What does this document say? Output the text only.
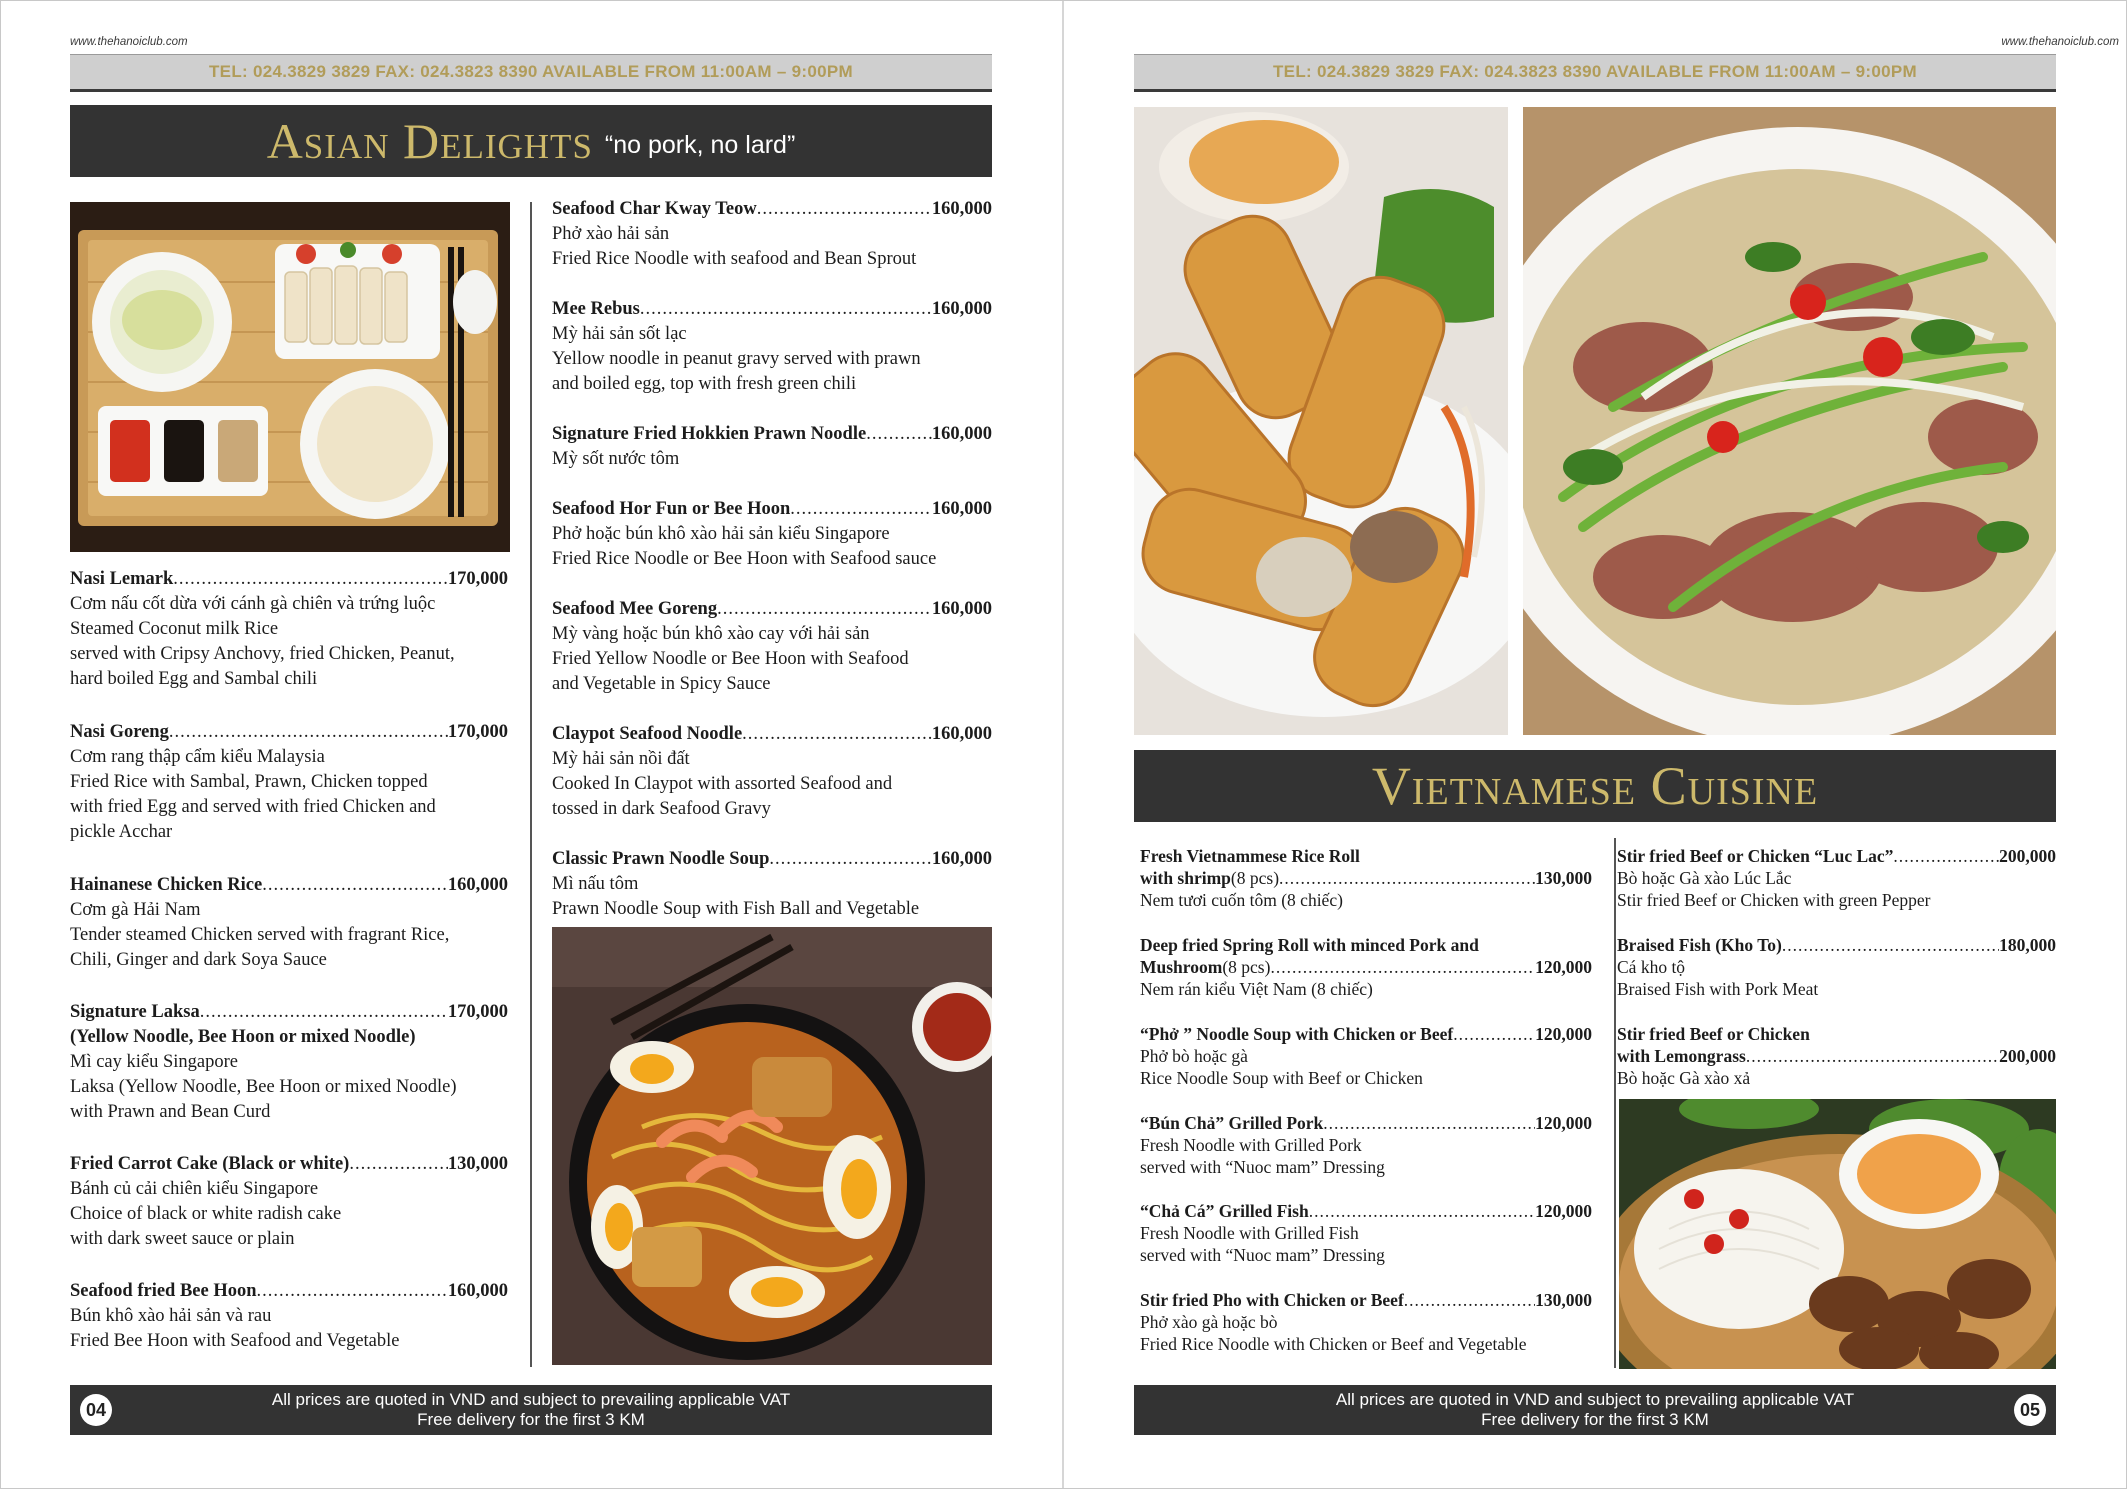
www.thehanoiclub.com
TEL: 024.3829 3829 FAX: 024.3823 8390 AVAILABLE FROM 11:00AM – 9:00PM
Asian Delights “no pork, no lard”
Nasi Lemark .....	170,000
Cơm nấu cốt dừa với cánh gà chiên và trứng luộc
Steamed Coconut milk Rice
served with Cripsy Anchovy, fried Chicken, Peanut,
hard boiled Egg and Sambal chili
Nasi Goreng .....	170,000
Cơm rang thập cẩm kiểu Malaysia
Fried Rice with Sambal, Prawn, Chicken topped
with fried Egg and served with fried Chicken and
pickle Acchar
Hainanese Chicken Rice .....	160,000
Cơm gà Hải Nam
Tender steamed Chicken served with fragrant Rice,
Chili, Ginger and dark Soya Sauce
Signature Laksa .....	170,000
(Yellow Noodle, Bee Hoon or mixed Noodle)
Mì cay kiểu Singapore
Laksa (Yellow Noodle, Bee Hoon or mixed Noodle)
with Prawn and Bean Curd
Fried Carrot Cake (Black or white) .....	130,000
Bánh củ cải chiên kiểu Singapore
Choice of black or white radish cake
with dark sweet sauce or plain
Seafood fried Bee Hoon .....	160,000
Bún khô xào hải sản và rau
Fried Bee Hoon with Seafood and Vegetable
Seafood Char Kway Teow .....	160,000
Phở xào hải sản
Fried Rice Noodle with seafood and Bean Sprout
Mee Rebus .....	160,000
Mỳ hải sản sốt lạc
Yellow noodle in peanut gravy served with prawn
and boiled egg, top with fresh green chili
Signature Fried Hokkien Prawn Noodle .....	160,000
Mỳ sốt nước tôm
Seafood Hor Fun or Bee Hoon .....	160,000
Phở hoặc bún khô xào hải sản kiểu Singapore
Fried Rice Noodle or Bee Hoon with Seafood sauce
Seafood Mee Goreng .....	160,000
Mỳ vàng hoặc bún khô xào cay với hải sản
Fried Yellow Noodle or Bee Hoon with Seafood
and Vegetable in Spicy Sauce
Claypot Seafood Noodle .....	160,000
Mỳ hải sản nồi đất
Cooked In Claypot with assorted Seafood and
tossed in dark Seafood Gravy
Classic Prawn Noodle Soup .....	160,000
Mì nấu tôm
Prawn Noodle Soup with Fish Ball and Vegetable
04
All prices are quoted in VND and subject to prevailing applicable VAT
Free delivery for the first 3 KM
www.thehanoiclub.com
TEL: 024.3829 3829 FAX: 024.3823 8390 AVAILABLE FROM 11:00AM – 9:00PM
Vietnamese Cuisine
Fresh Vietnammese Rice Roll
with shrimp (8 pcs) .....	130,000
Nem tươi cuốn tôm (8 chiếc)
Deep fried Spring Roll with minced Pork and
Mushroom (8 pcs) .....	120,000
Nem rán kiểu Việt Nam (8 chiếc)
“Phở ” Noodle Soup with Chicken or Beef .....	120,000
Phở bò hoặc gà
Rice Noodle Soup with Beef or Chicken
“Bún Chả” Grilled Pork .....	120,000
Fresh Noodle with Grilled Pork
served with “Nuoc mam” Dressing
“Chả Cá” Grilled Fish .....	120,000
Fresh Noodle with Grilled Fish
served with “Nuoc mam” Dressing
Stir fried Pho with Chicken or Beef .....	130,000
Phở xào gà hoặc bò
Fried Rice Noodle with Chicken or Beef and Vegetable
Stir fried Beef or Chicken “Luc Lac” .....	200,000
Bò hoặc Gà xào Lúc Lắc
Stir fried Beef or Chicken with green Pepper
Braised Fish (Kho To) .....	180,000
Cá kho tộ
Braised Fish with Pork Meat
Stir fried Beef or Chicken
with Lemongrass .....	200,000
Bò hoặc Gà xào xả
05
All prices are quoted in VND and subject to prevailing applicable VAT
Free delivery for the first 3 KM
